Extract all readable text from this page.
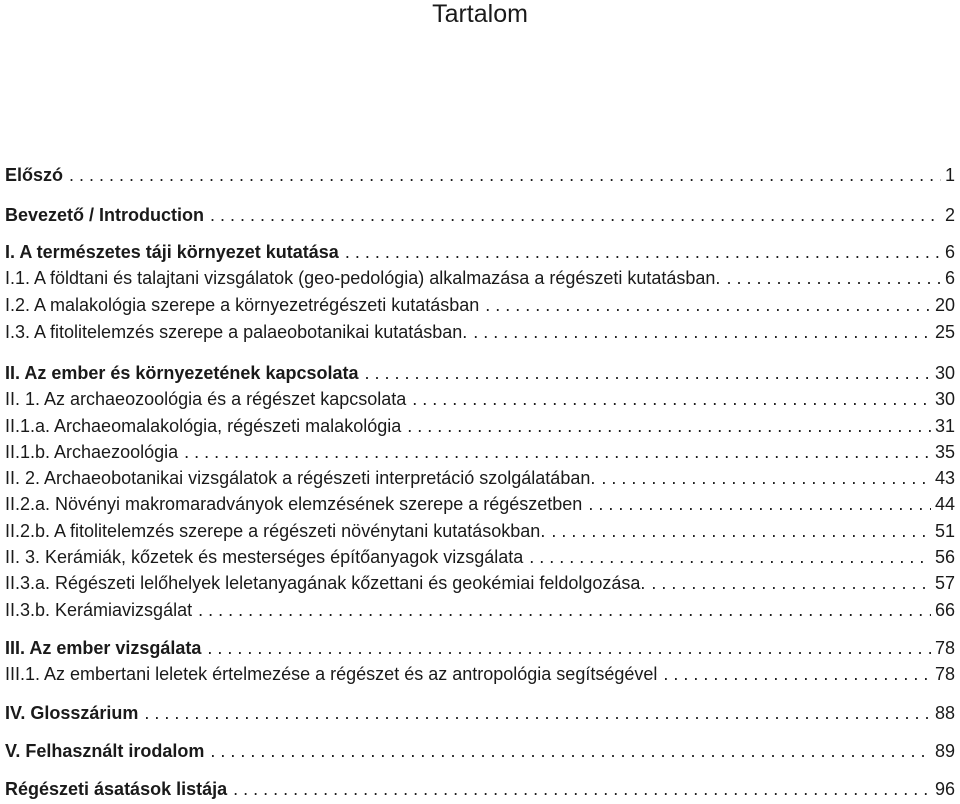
Tartalom
Előszó . . .	1
Bevezető / Introduction . . .	2
I. A természetes táji környezet kutatása . . .	6
I.1. A földtani és talajtani vizsgálatok (geo-pedológia) alkalmazása a régészeti kutatásban. . . .	6
I.2. A malakológia szerepe a környezetrégészeti kutatásban . . .	20
I.3. A fitolitelemzés szerepe a palaeobotanikai kutatásban. . . .	25
II. Az ember és környezetének kapcsolata . . .	30
II. 1. Az archaeozoológia és a régészet kapcsolata . . .	30
II.1.a. Archaeomalakológia, régészeti malakológia . . .	31
II.1.b. Archaezoológia . . .	35
II. 2. Archaeobotanikai vizsgálatok a régészeti interpretáció szolgálatában. . . .	43
II.2.a. Növényi makromaradványok elemzésének szerepe a régészetben . . .	44
II.2.b. A fitolitelemzés szerepe a régészeti növénytani kutatásokban. . . .	51
II. 3. Kerámiák, kőzetek és mesterséges építőanyagok vizsgálata . . .	56
II.3.a. Régészeti lelőhelyek leletanyagának kőzettani és geokémiai feldolgozása. . . .	57
II.3.b. Kerámiavizsgálat . . .	66
III. Az ember vizsgálata . . .	78
III.1. Az embertani leletek értelmezése a régészet és az antropológia segítségével . . .	78
IV. Glosszárium . . .	88
V. Felhasznált irodalom . . .	89
Régészeti ásatások listája . . .	96
